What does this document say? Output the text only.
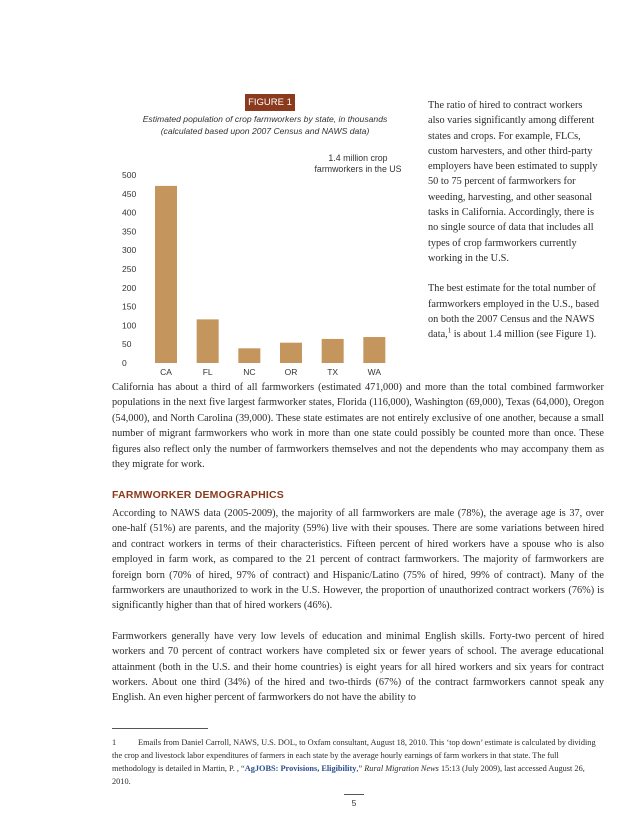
FIGURE 1
Estimated population of crop farmworkers by state, in thousands
(calculated based upon 2007 Census and NAWS data)
1.4 million crop
farmworkers in the US
0
50
100
150
200
250
300
350
400
450
500
CA	FL	NC	OR	TX	WA

The ratio of hired to contract workers also varies significantly among different states and crops. For example, FLCs, custom harvesters, and other third-party employers have been estimated to supply 50 to 75 percent of farmworkers for weeding, harvesting, and other seasonal tasks in California. Accordingly, there is no single source of data that includes all types of crop farmworkers currently working in the U.S.

The best estimate for the total number of farmworkers employed in the U.S., based on both the 2007 Census and the NAWS data,$^1$ is about 1.4 million (see Figure 1).

California has about a third of all farmworkers (estimated 471,000) and more than the total combined farmworker populations in the next five largest farmworker states, Florida (116,000), Washington (69,000), Texas (64,000), Oregon (54,000), and North Carolina (39,000). These state estimates are not entirely exclusive of one another, because a small number of migrant farmworkers who work in more than one state could possibly be counted more than once. These figures also reflect only the number of farmworkers themselves and not the dependents who may accompany them as they migrate for work.

FARMWORKER DEMOGRAPHICS

According to NAWS data (2005-2009), the majority of all farmworkers are male (78%), the average age is 37, over one-half (51%) are parents, and the majority (59%) live with their spouses. There are some variations between hired and contract workers in terms of their characteristics. Fifteen percent of hired workers have a spouse who is also employed in farm work, as compared to the 21 percent of contract farmworkers. The majority of farmworkers are foreign born (70% of hired, 97% of contract) and Hispanic/Latino (75% of hired, 99% of contract). Many of the farmworkers are unauthorized to work in the U.S. However, the proportion of unauthorized contract workers (76%) is significantly higher than that of hired workers (46%).

Farmworkers generally have very low levels of education and minimal English skills. Forty-two percent of hired workers and 70 percent of contract workers have completed six or fewer years of school. The average educational attainment (both in the U.S. and their home countries) is eight years for all hired workers and six years for contract workers. About one third (34%) of the hired and two-thirds (67%) of the contract farmworkers cannot speak any English. An even higher percent of farmworkers do not have the ability to

1	Emails from Daniel Carroll, NAWS, U.S. DOL, to Oxfam consultant, August 18, 2010. This ‘top down’ estimate is calculated by dividing the crop and livestock labor expenditures of farmers in each state by the average hourly earnings of farm workers in that state. The full methodology is detailed in Martin, P. , “AgJOBS: Provisions, Eligibility,” Rural Migration News 15:13 (July 2009), last accessed August 26, 2010.
5
